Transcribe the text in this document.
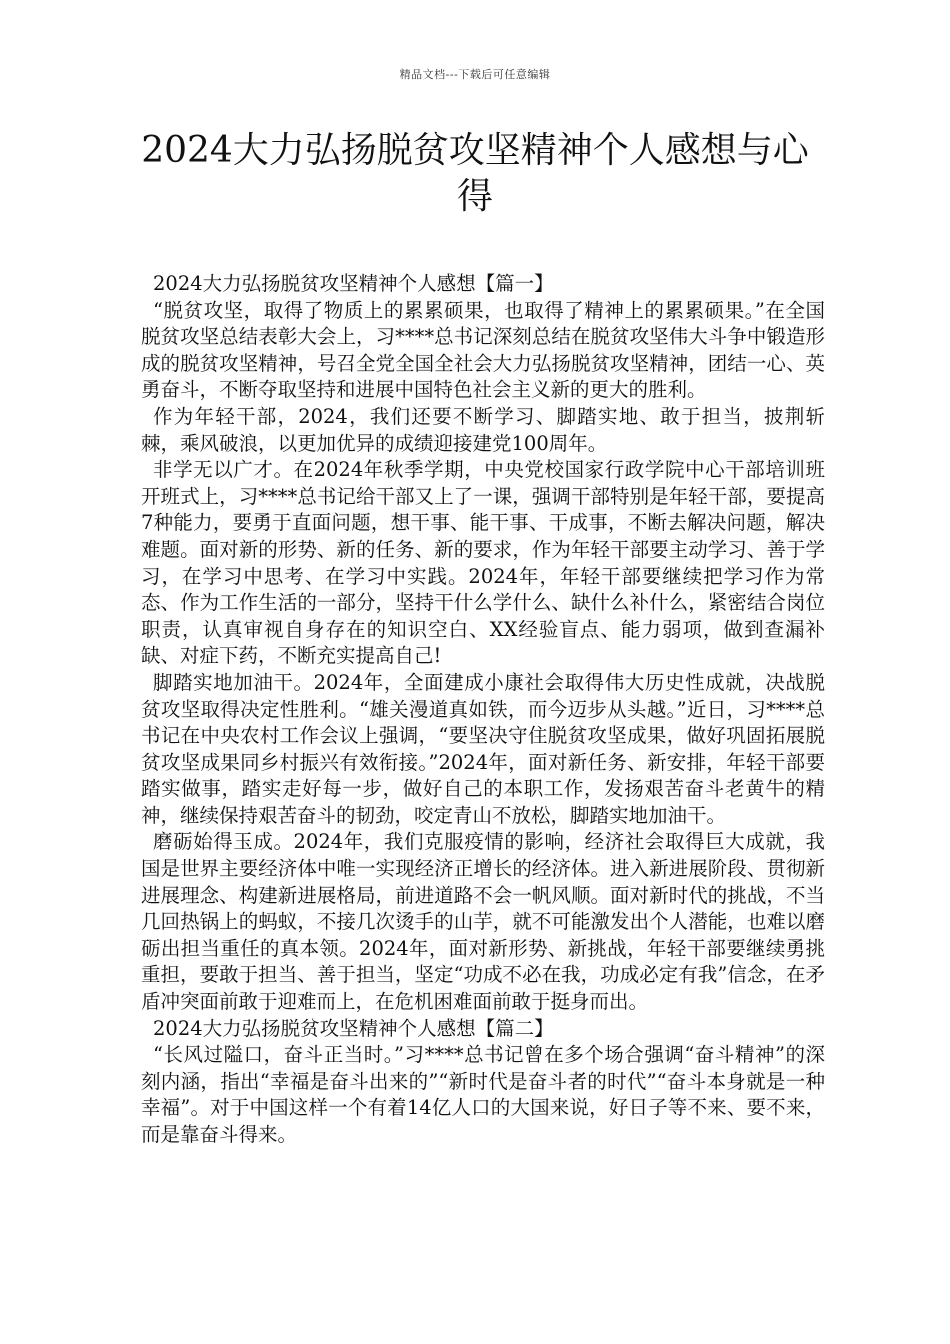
精品文档---下载后可任意编辑
2024大力弘扬脱贫攻坚精神个人感想与心得

2024大力弘扬脱贫攻坚精神个人感想【篇一】

“脱贫攻坚，取得了物质上的累累硕果，也取得了精神上的累累硕果。”在全国脱贫攻坚总结表彰大会上，习****总书记深刻总结在脱贫攻坚伟大斗争中锻造形成的脱贫攻坚精神，号召全党全国全社会大力弘扬脱贫攻坚精神，团结一心、英勇奋斗，不断夺取坚持和进展中国特色社会主义新的更大的胜利。

作为年轻干部，2024，我们还要不断学习、脚踏实地、敢于担当，披荆斩棘，乘风破浪，以更加优异的成绩迎接建党100周年。

非学无以广才。在2024年秋季学期，中央党校国家行政学院中心干部培训班开班式上，习****总书记给干部又上了一课，强调干部特别是年轻干部，要提高7种能力，要勇于直面问题，想干事、能干事、干成事，不断去解决问题，解决难题。面对新的形势、新的任务、新的要求，作为年轻干部要主动学习、善于学习，在学习中思考、在学习中实践。2024年，年轻干部要继续把学习作为常态、作为工作生活的一部分，坚持干什么学什么、缺什么补什么，紧密结合岗位职责，认真审视自身存在的知识空白、XX经验盲点、能力弱项，做到查漏补缺、对症下药，不断充实提高自己!

脚踏实地加油干。2024年，全面建成小康社会取得伟大历史性成就，决战脱贫攻坚取得决定性胜利。“雄关漫道真如铁，而今迈步从头越。”近日，习****总书记在中央农村工作会议上强调，“要坚决守住脱贫攻坚成果，做好巩固拓展脱贫攻坚成果同乡村振兴有效衔接。”2024年，面对新任务、新安排，年轻干部要踏实做事，踏实走好每一步，做好自己的本职工作，发扬艰苦奋斗老黄牛的精神，继续保持艰苦奋斗的韧劲，咬定青山不放松，脚踏实地加油干。

磨砺始得玉成。2024年，我们克服疫情的影响，经济社会取得巨大成就，我国是世界主要经济体中唯一实现经济正增长的经济体。进入新进展阶段、贯彻新进展理念、构建新进展格局，前进道路不会一帆风顺。面对新时代的挑战，不当几回热锅上的蚂蚁，不接几次烫手的山芋，就不可能激发出个人潜能，也难以磨砺出担当重任的真本领。2024年，面对新形势、新挑战，年轻干部要继续勇挑重担，要敢于担当、善于担当，坚定“功成不必在我，功成必定有我”信念，在矛盾冲突面前敢于迎难而上，在危机困难面前敢于挺身而出。

2024大力弘扬脱贫攻坚精神个人感想【篇二】

“长风过隘口，奋斗正当时。”习****总书记曾在多个场合强调“奋斗精神”的深刻内涵，指出“幸福是奋斗出来的”“新时代是奋斗者的时代”“奋斗本身就是一种幸福”。对于中国这样一个有着14亿人口的大国来说，好日子等不来、要不来，而是靠奋斗得来。
